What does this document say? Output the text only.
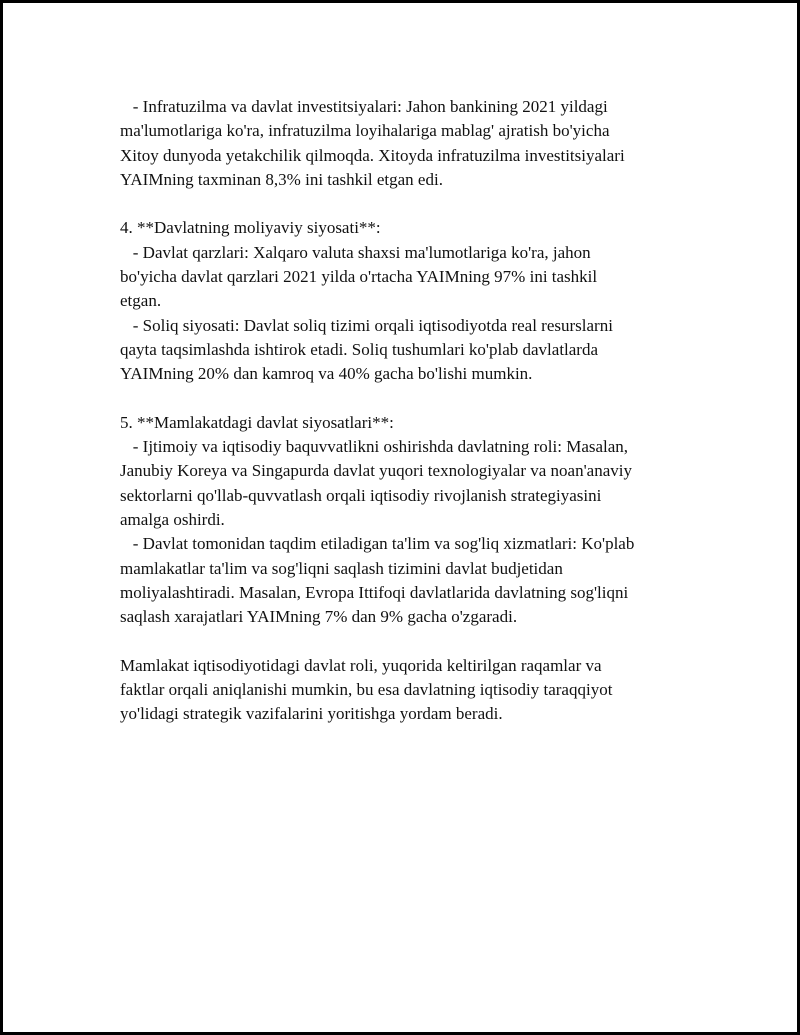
- Infratuzilma va davlat investitsiyalari: Jahon bankining 2021 yildagi
ma'lumotlariga ko'ra, infratuzilma loyihalariga mablag' ajratish bo'yicha
Xitoy dunyoda yetakchilik qilmoqda. Xitoyda infratuzilma investitsiyalari
YAIMning taxminan 8,3% ini tashkil etgan edi.
4. **Davlatning moliyaviy siyosati**:
- Davlat qarzlari: Xalqaro valuta shaxsi ma'lumotlariga ko'ra, jahon
bo'yicha davlat qarzlari 2021 yilda o'rtacha YAIMning 97% ini tashkil
etgan.
- Soliq siyosati: Davlat soliq tizimi orqali iqtisodiyotda real resurslarni
qayta taqsimlashda ishtirok etadi. Soliq tushumlari ko'plab davlatlarda
YAIMning 20% dan kamroq va 40% gacha bo'lishi mumkin.
5. **Mamlakatdagi davlat siyosatlari**:
- Ijtimoiy va iqtisodiy baquvvatlikni oshirishda davlatning roli: Masalan,
Janubiy Koreya va Singapurda davlat yuqori texnologiyalar va noan'anaviy
sektorlarni qo'llab-quvvatlash orqali iqtisodiy rivojlanish strategiyasini
amalga oshirdi.
- Davlat tomonidan taqdim etiladigan ta'lim va sog'liq xizmatlari: Ko'plab
mamlakatlar ta'lim va sog'liqni saqlash tizimini davlat budjetidan
moliyalashtiradi. Masalan, Evropa Ittifoqi davlatlarida davlatning sog'liqni
saqlash xarajatlari YAIMning 7% dan 9% gacha o'zgaradi.
Mamlakat iqtisodiyotidagi davlat roli, yuqorida keltirilgan raqamlar va
faktlar orqali aniqlanishi mumkin, bu esa davlatning iqtisodiy taraqqiyot
yo'lidagi strategik vazifalarini yoritishga yordam beradi.
